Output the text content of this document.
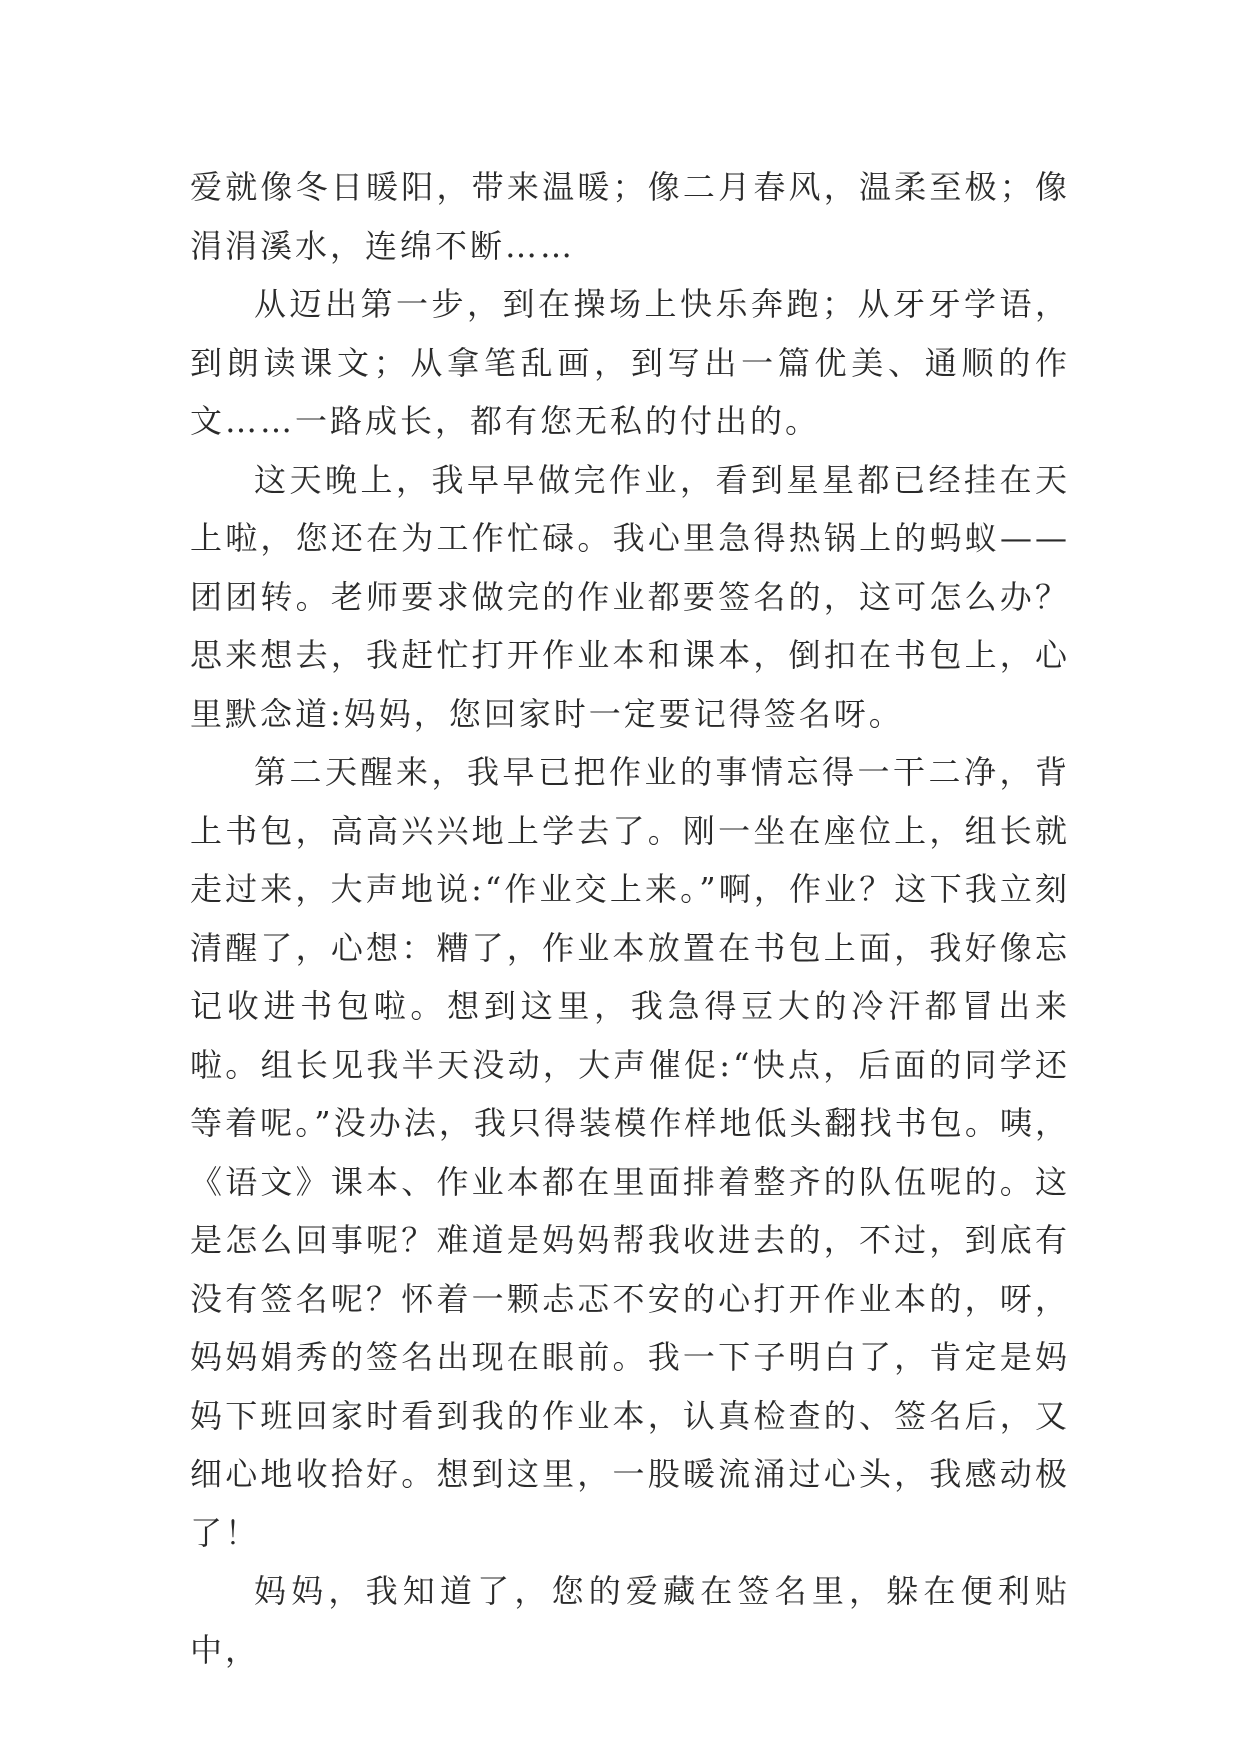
爱就像冬日暖阳，带来温暖；像二月春风，温柔至极；像涓涓溪水，连绵不断……

从迈出第一步，到在操场上快乐奔跑；从牙牙学语，到朗读课文；从拿笔乱画，到写出一篇优美、通顺的作文……一路成长，都有您无私的付出的。

这天晚上，我早早做完作业，看到星星都已经挂在天上啦，您还在为工作忙碌。我心里急得热锅上的蚂蚁——团团转。老师要求做完的作业都要签名的，这可怎么办？思来想去，我赶忙打开作业本和课本，倒扣在书包上，心里默念道:妈妈，您回家时一定要记得签名呀。

第二天醒来，我早已把作业的事情忘得一干二净，背上书包，高高兴兴地上学去了。刚一坐在座位上，组长就走过来，大声地说:“作业交上来。”啊，作业？这下我立刻清醒了，心想：糟了，作业本放置在书包上面，我好像忘记收进书包啦。想到这里，我急得豆大的冷汗都冒出来啦。组长见我半天没动，大声催促:“快点，后面的同学还等着呢。”没办法，我只得装模作样地低头翻找书包。咦，《语文》课本、作业本都在里面排着整齐的队伍呢的。这是怎么回事呢？难道是妈妈帮我收进去的，不过，到底有没有签名呢？怀着一颗忐忑不安的心打开作业本的，呀，妈妈娟秀的签名出现在眼前。我一下子明白了，肯定是妈妈下班回家时看到我的作业本，认真检查的、签名后，又细心地收拾好。想到这里，一股暖流涌过心头，我感动极了！

妈妈，我知道了，您的爱藏在签名里，躲在便利贴中，
